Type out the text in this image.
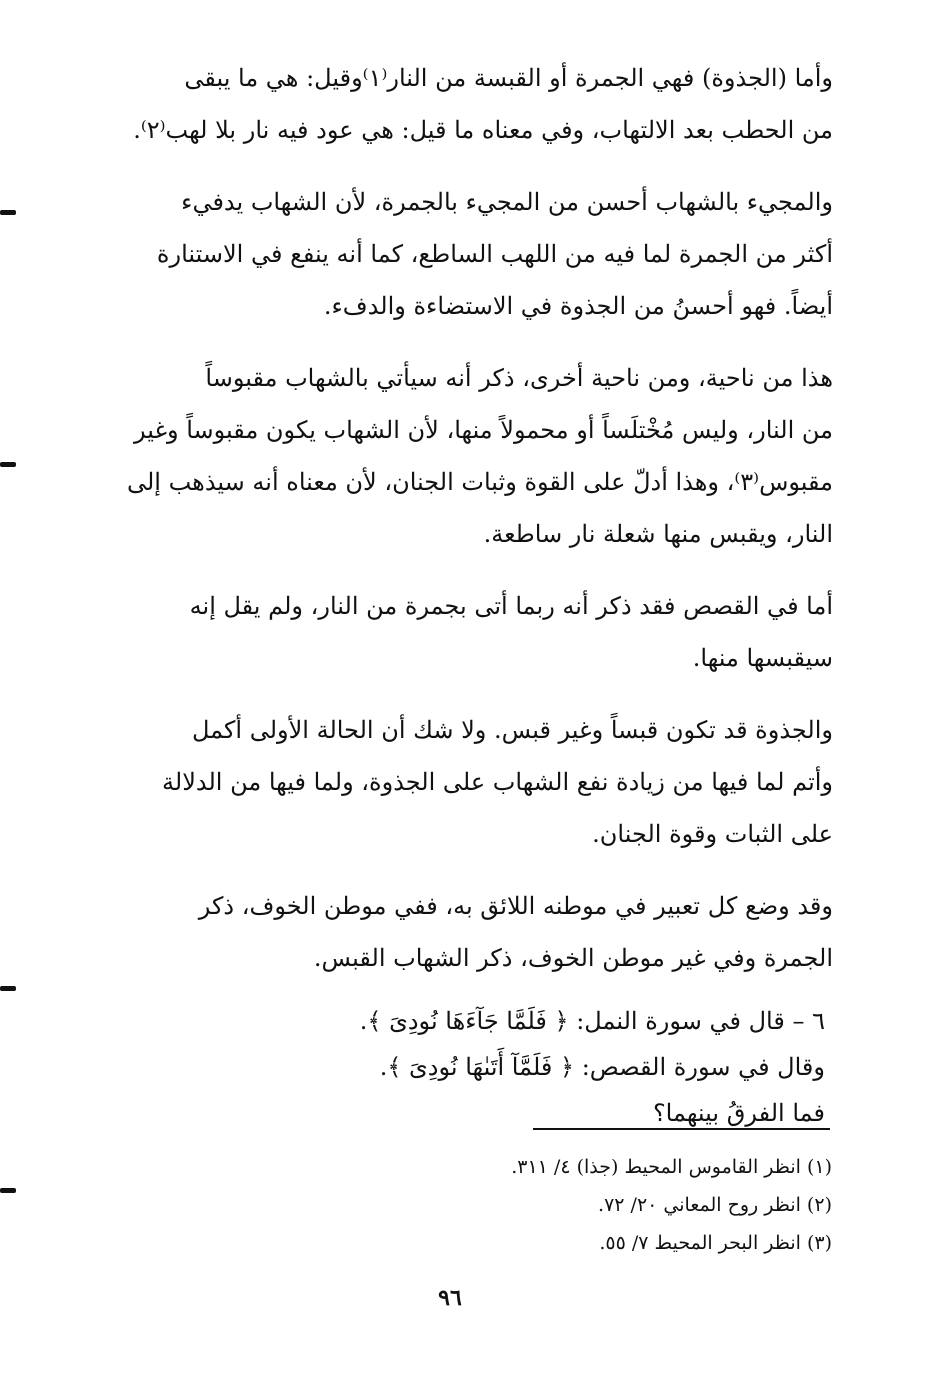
وأما (الجذوة) فهي الجمرة أو القبسة من النار⁽١⁾وقيل: هي ما يبقى
من الحطب بعد الالتهاب، وفي معناه ما قيل: هي عود فيه نار بلا لهب⁽٢⁾.

والمجيء بالشهاب أحسن من المجيء بالجمرة، لأن الشهاب يدفيء
أكثر من الجمرة لما فيه من اللهب الساطع، كما أنه ينفع في الاستنارة
أيضاً. فهو أحسنُ من الجذوة في الاستضاءة والدفء.

هذا من ناحية، ومن ناحية أخرى، ذكر أنه سيأتي بالشهاب مقبوساً
من النار، وليس مُخْتلَساً أو محمولاً منها، لأن الشهاب يكون مقبوساً وغير
مقبوس⁽٣⁾، وهذا أدلّ على القوة وثبات الجنان، لأن معناه أنه سيذهب إلى
النار، ويقبس منها شعلة نار ساطعة.

أما في القصص فقد ذكر أنه ربما أتى بجمرة من النار، ولم يقل إنه
سيقبسها منها.

والجذوة قد تكون قبساً وغير قبس. ولا شك أن الحالة الأولى أكمل
وأتم لما فيها من زيادة نفع الشهاب على الجذوة، ولما فيها من الدلالة
على الثبات وقوة الجنان.

وقد وضع كل تعبير في موطنه اللائق به، ففي موطن الخوف، ذكر
الجمرة وفي غير موطن الخوف، ذكر الشهاب القبس.

٦ – قال في سورة النمل: ﴿ فَلَمَّا جَآءَهَا نُودِىَ ﴾.
وقال في سورة القصص: ﴿ فَلَمَّآ أَتَىٰهَا نُودِىَ ﴾.
فما الفرقُ بينهما؟
(١) انظر القاموس المحيط (جذا) ٤/ ٣١١.
(٢) انظر روح المعاني ٢٠/ ٧٢.
(٣) انظر البحر المحيط ٧/ ٥٥.
٩٦
